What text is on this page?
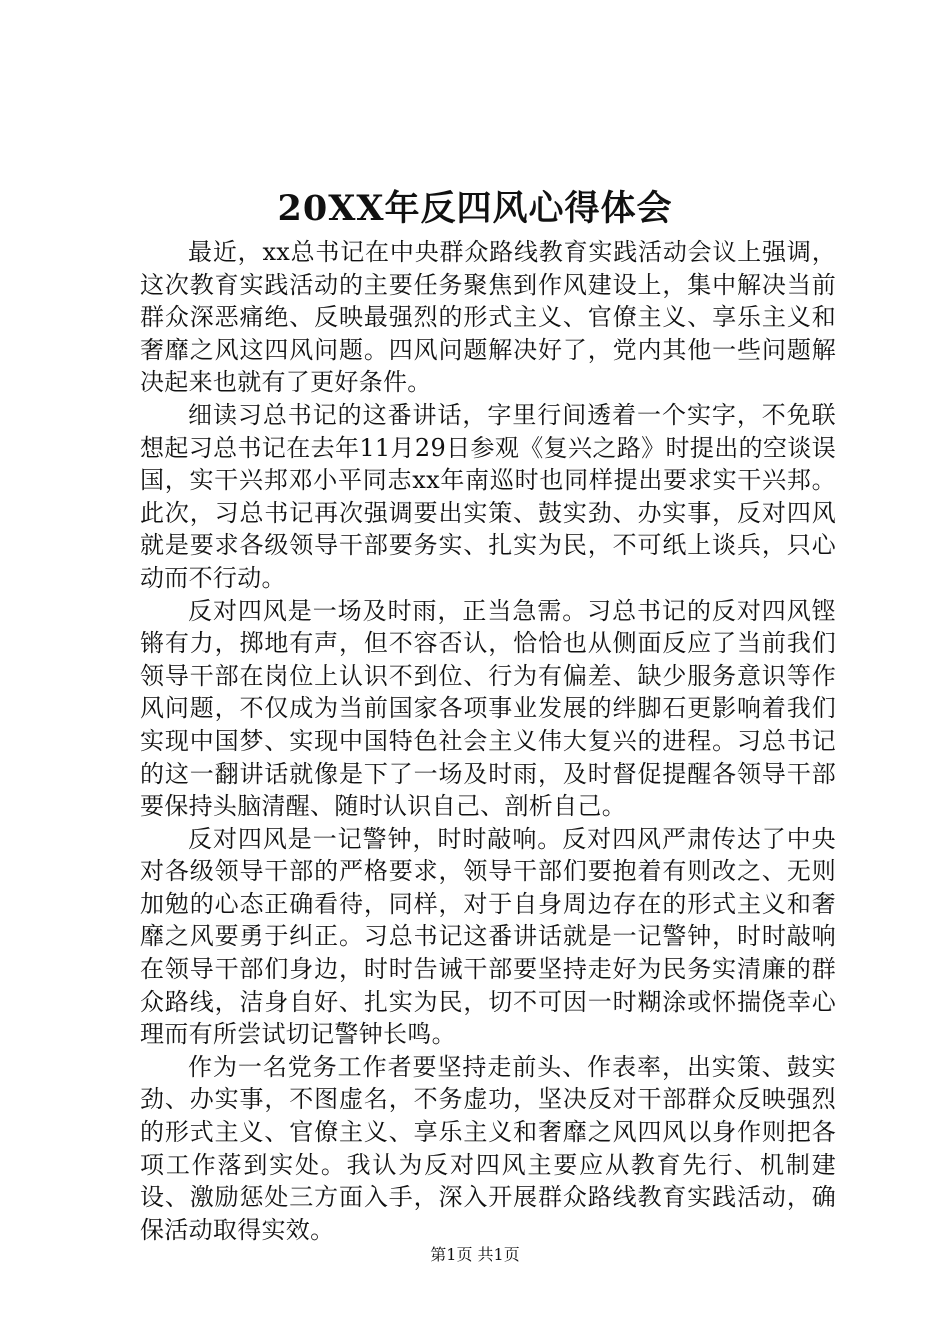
20XX年反四风心得体会

最近，xx总书记在中央群众路线教育实践活动会议上强调，这次教育实践活动的主要任务聚焦到作风建设上，集中解决当前群众深恶痛绝、反映最强烈的形式主义、官僚主义、享乐主义和奢靡之风这四风问题。四风问题解决好了，党内其他一些问题解决起来也就有了更好条件。

细读习总书记的这番讲话，字里行间透着一个实字，不免联想起习总书记在去年11月29日参观《复兴之路》时提出的空谈误国，实干兴邦邓小平同志xx年南巡时也同样提出要求实干兴邦。此次，习总书记再次强调要出实策、鼓实劲、办实事，反对四风就是要求各级领导干部要务实、扎实为民，不可纸上谈兵，只心动而不行动。

反对四风是一场及时雨，正当急需。习总书记的反对四风铿锵有力，掷地有声，但不容否认，恰恰也从侧面反应了当前我们领导干部在岗位上认识不到位、行为有偏差、缺少服务意识等作风问题，不仅成为当前国家各项事业发展的绊脚石更影响着我们实现中国梦、实现中国特色社会主义伟大复兴的进程。习总书记的这一翻讲话就像是下了一场及时雨，及时督促提醒各领导干部要保持头脑清醒、随时认识自己、剖析自己。

反对四风是一记警钟，时时敲响。反对四风严肃传达了中央对各级领导干部的严格要求，领导干部们要抱着有则改之、无则加勉的心态正确看待，同样，对于自身周边存在的形式主义和奢靡之风要勇于纠正。习总书记这番讲话就是一记警钟，时时敲响在领导干部们身边，时时告诫干部要坚持走好为民务实清廉的群众路线，洁身自好、扎实为民，切不可因一时糊涂或怀揣侥幸心理而有所尝试切记警钟长鸣。

作为一名党务工作者要坚持走前头、作表率，出实策、鼓实劲、办实事，不图虚名，不务虚功，坚决反对干部群众反映强烈的形式主义、官僚主义、享乐主义和奢靡之风四风以身作则把各项工作落到实处。我认为反对四风主要应从教育先行、机制建设、激励惩处三方面入手，深入开展群众路线教育实践活动，确保活动取得实效。

第1页 共1页
